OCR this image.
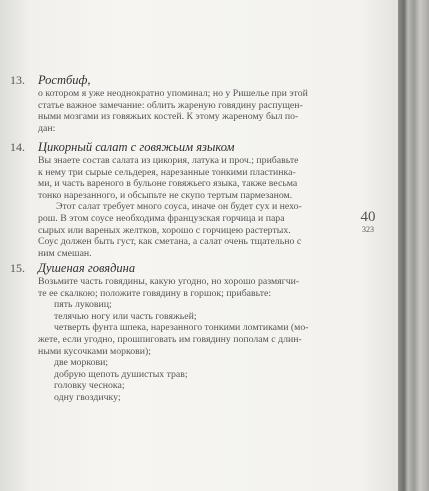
13. Ростбиф,

о котором я уже неоднократно упоминал; но у Ришелье при этой

статье важное замечание: облить жареную говядину распущен-

ными мозгами из говяжьих костей. К этому жареному был по-

дан:

14. Цикорный салат с говяжьим языком

Вы знаете состав салата из цикория, латука и проч.; прибавьте

к нему три сырые сельдерея, нарезанные тонкими пластинка-

ми, и часть вареного в бульоне говяжьего языка, также весьма

тонко нарезанного, и обсыпьте не скупо тертым пармезаном.

Этот салат требует много соуса, иначе он будет сух и нехо-

рош. В этом соусе необходима французская горчица и пара

сырых или вареных желтков, хорошо с горчицею растертых.

Соус должен быть густ, как сметана, а салат очень тщательно с

ним смешан.

15. Душеная говядина

Возьмите часть говядины, какую угодно, но хорошо размягчи-

те ее скалкою; положите говядину в горшок; прибавьте:

пять луковиц;

телячью ногу или часть говяжьей;

четверть фунта шпека, нарезанного тонкими ломтиками (мо-

жете, если угодно, прошпиговать им говядину пополам с длин-

ными кусочками моркови);

две моркови;

добрую щепоть душистых трав;

головку чеснока;

одну гвоздичку;

40
323
